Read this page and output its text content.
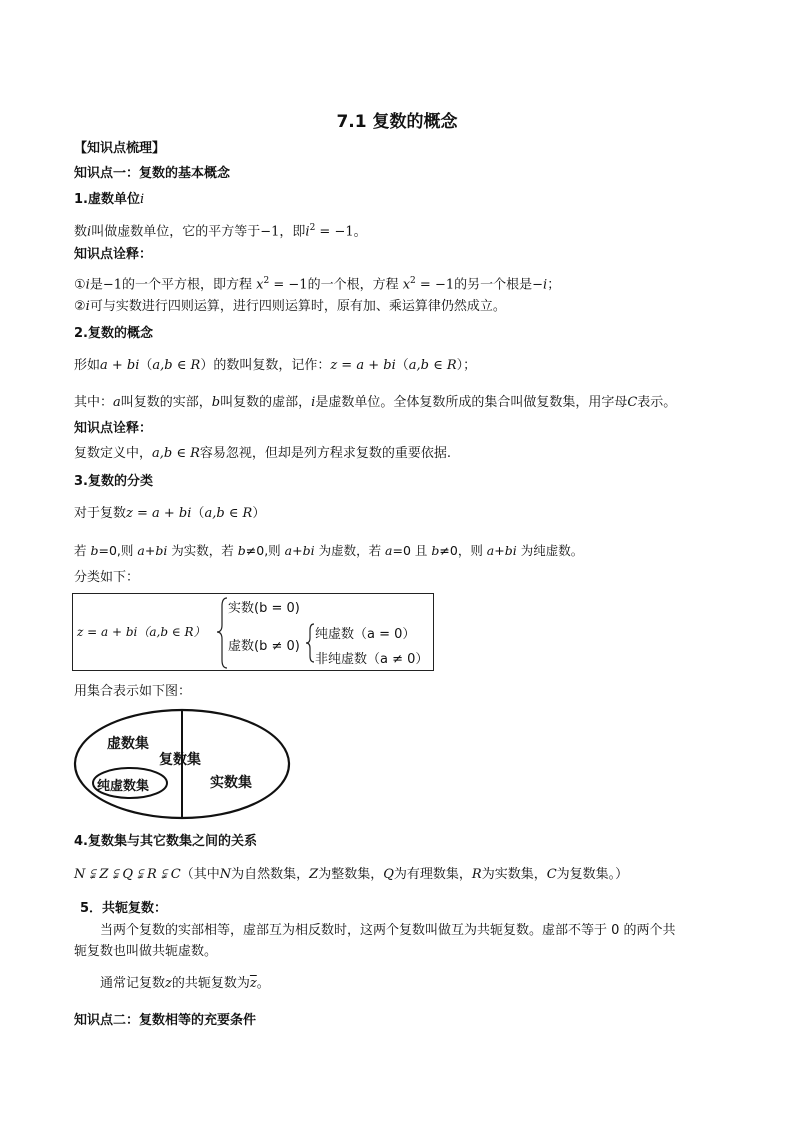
7.1 复数的概念
【知识点梳理】
知识点一：复数的基本概念
1.虚数单位i
数i叫做虚数单位，它的平方等于−1，即$i^2 = -1$。
知识点诠释：
①i是−1的一个平方根，即方程 $x^2 = -1$的一个根，方程 $x^2 = -1$的另一个根是−i；
②i可与实数进行四则运算，进行四则运算时，原有加、乘运算律仍然成立。
2.复数的概念
形如a + bi（a,b ∈ R）的数叫复数，记作：z = a + bi（a,b ∈ R）；
其中：a叫复数的实部，b叫复数的虚部，i是虚数单位。全体复数所成的集合叫做复数集，用字母C表示。
知识点诠释：
复数定义中，a,b ∈ R容易忽视，但却是列方程求复数的重要依据.
3.复数的分类
对于复数z = a + bi（a,b ∈ R）
若 b=0,则 a+bi 为实数，若 b≠0,则 a+bi 为虚数，若 a=0 且 b≠0，则 a+bi 为纯虚数。
分类如下：
z = a + bi（a,b ∈ R）
实数(b = 0)
虚数(b ≠ 0)
纯虚数（a = 0）
非纯虚数（a ≠ 0）
用集合表示如下图：
虚数集
复数集
纯虚数集	实数集
4.复数集与其它数集之间的关系
N ⫋ Z ⫋ Q ⫋ R ⫋ C（其中N为自然数集，Z为整数集，Q为有理数集，R为实数集，C为复数集。）
5．共轭复数：
当两个复数的实部相等，虚部互为相反数时，这两个复数叫做互为共轭复数。虚部不等于 0 的两个共
轭复数也叫做共轭虚数。
通常记复数z的共轭复数为$\overline{z}$。
知识点二：复数相等的充要条件
